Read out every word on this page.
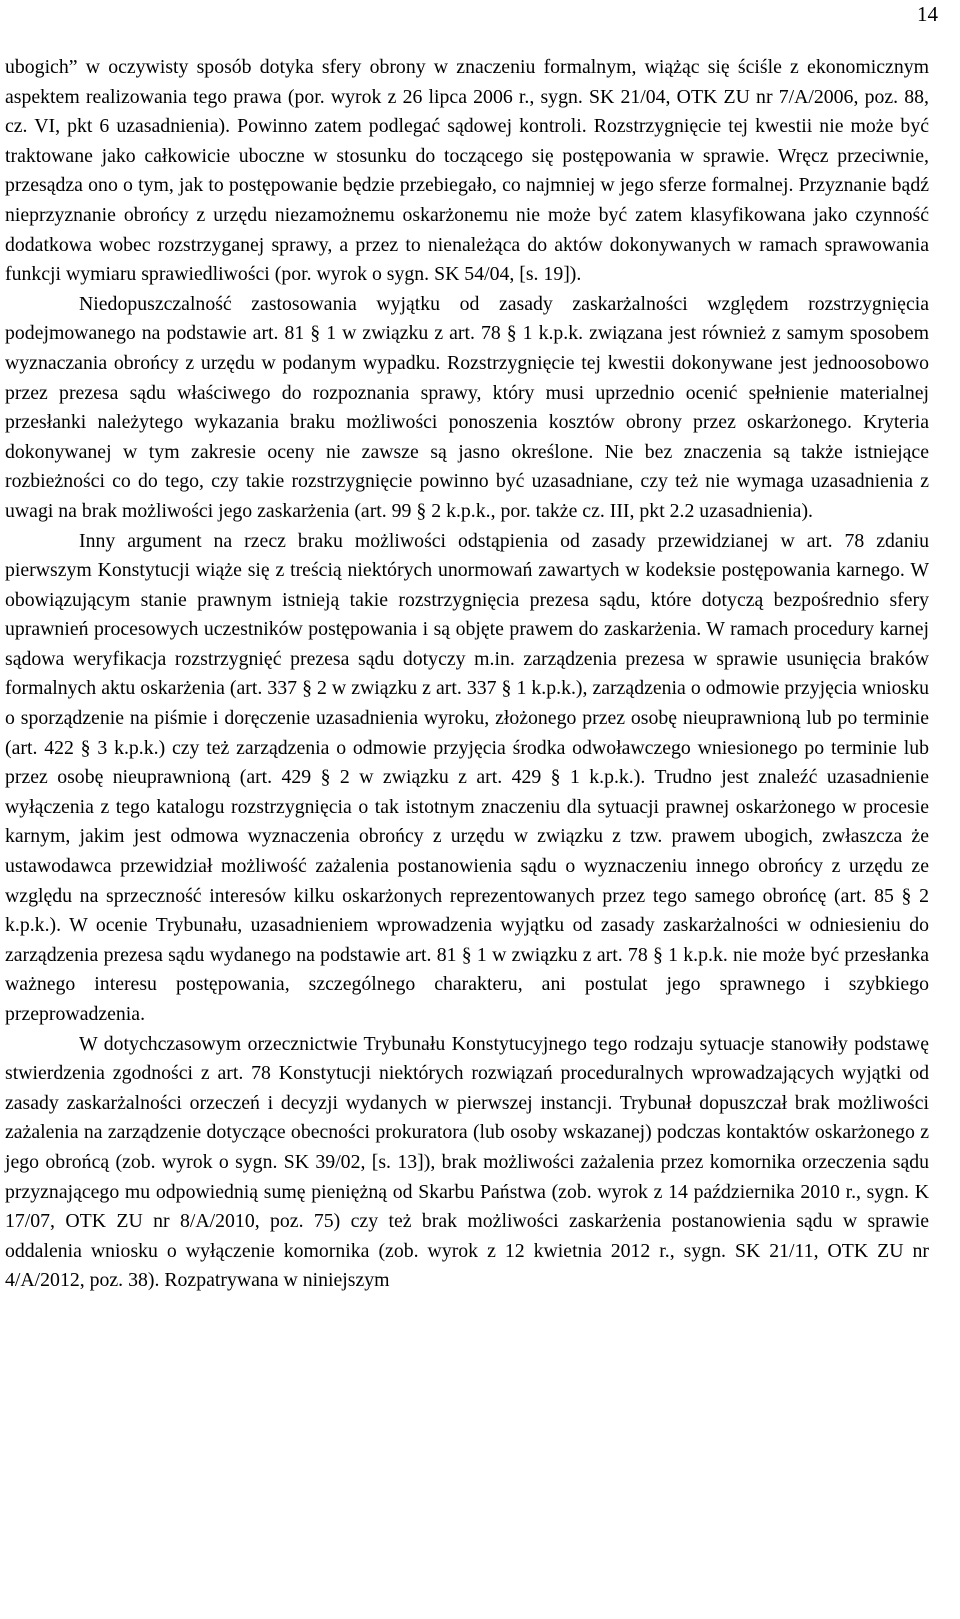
14

ubogich” w oczywisty sposób dotyka sfery obrony w znaczeniu formalnym, wiążąc się ściśle z ekonomicznym aspektem realizowania tego prawa (por. wyrok z 26 lipca 2006 r., sygn. SK 21/04, OTK ZU nr 7/A/2006, poz. 88, cz. VI, pkt 6 uzasadnienia). Powinno zatem podlegać sądowej kontroli. Rozstrzygnięcie tej kwestii nie może być traktowane jako całkowicie uboczne w stosunku do toczącego się postępowania w sprawie. Wręcz przeciwnie, przesądza ono o tym, jak to postępowanie będzie przebiegało, co najmniej w jego sferze formalnej. Przyznanie bądź nieprzyznanie obrońcy z urzędu niezamożnemu oskarżonemu nie może być zatem klasyfikowana jako czynność dodatkowa wobec rozstrzyganej sprawy, a przez to nienależąca do aktów dokonywanych w ramach sprawowania funkcji wymiaru sprawiedliwości (por. wyrok o sygn. SK 54/04, [s. 19]).

Niedopuszczalność zastosowania wyjątku od zasady zaskarżalności względem rozstrzygnięcia podejmowanego na podstawie art. 81 § 1 w związku z art. 78 § 1 k.p.k. związana jest również z samym sposobem wyznaczania obrońcy z urzędu w podanym wypadku. Rozstrzygnięcie tej kwestii dokonywane jest jednoosobowo przez prezesa sądu właściwego do rozpoznania sprawy, który musi uprzednio ocenić spełnienie materialnej przesłanki należytego wykazania braku możliwości ponoszenia kosztów obrony przez oskarżonego. Kryteria dokonywanej w tym zakresie oceny nie zawsze są jasno określone. Nie bez znaczenia są także istniejące rozbieżności co do tego, czy takie rozstrzygnięcie powinno być uzasadniane, czy też nie wymaga uzasadnienia z uwagi na brak możliwości jego zaskarżenia (art. 99 § 2 k.p.k., por. także cz. III, pkt 2.2 uzasadnienia).

Inny argument na rzecz braku możliwości odstąpienia od zasady przewidzianej w art. 78 zdaniu pierwszym Konstytucji wiąże się z treścią niektórych unormowań zawartych w kodeksie postępowania karnego. W obowiązującym stanie prawnym istnieją takie rozstrzygnięcia prezesa sądu, które dotyczą bezpośrednio sfery uprawnień procesowych uczestników postępowania i są objęte prawem do zaskarżenia. W ramach procedury karnej sądowa weryfikacja rozstrzygnięć prezesa sądu dotyczy m.in. zarządzenia prezesa w sprawie usunięcia braków formalnych aktu oskarżenia (art. 337 § 2 w związku z art. 337 § 1 k.p.k.), zarządzenia o odmowie przyjęcia wniosku o sporządzenie na piśmie i doręczenie uzasadnienia wyroku, złożonego przez osobę nieuprawnioną lub po terminie (art. 422 § 3 k.p.k.) czy też zarządzenia o odmowie przyjęcia środka odwoławczego wniesionego po terminie lub przez osobę nieuprawnioną (art. 429 § 2 w związku z art. 429 § 1 k.p.k.). Trudno jest znaleźć uzasadnienie wyłączenia z tego katalogu rozstrzygnięcia o tak istotnym znaczeniu dla sytuacji prawnej oskarżonego w procesie karnym, jakim jest odmowa wyznaczenia obrońcy z urzędu w związku z tzw. prawem ubogich, zwłaszcza że ustawodawca przewidział możliwość zażalenia postanowienia sądu o wyznaczeniu innego obrońcy z urzędu ze względu na sprzeczność interesów kilku oskarżonych reprezentowanych przez tego samego obrońcę (art. 85 § 2 k.p.k.). W ocenie Trybunału, uzasadnieniem wprowadzenia wyjątku od zasady zaskarżalności w odniesieniu do zarządzenia prezesa sądu wydanego na podstawie art. 81 § 1 w związku z art. 78 § 1 k.p.k. nie może być przesłanka ważnego interesu postępowania, szczególnego charakteru, ani postulat jego sprawnego i szybkiego przeprowadzenia.

W dotychczasowym orzecznictwie Trybunału Konstytucyjnego tego rodzaju sytuacje stanowiły podstawę stwierdzenia zgodności z art. 78 Konstytucji niektórych rozwiązań proceduralnych wprowadzających wyjątki od zasady zaskarżalności orzeczeń i decyzji wydanych w pierwszej instancji. Trybunał dopuszczał brak możliwości zażalenia na zarządzenie dotyczące obecności prokuratora (lub osoby wskazanej) podczas kontaktów oskarżonego z jego obrońcą (zob. wyrok o sygn. SK 39/02, [s. 13]), brak możliwości zażalenia przez komornika orzeczenia sądu przyznającego mu odpowiednią sumę pieniężną od Skarbu Państwa (zob. wyrok z 14 października 2010 r., sygn. K 17/07, OTK ZU nr 8/A/2010, poz. 75) czy też brak możliwości zaskarżenia postanowienia sądu w sprawie oddalenia wniosku o wyłączenie komornika (zob. wyrok z 12 kwietnia 2012 r., sygn. SK 21/11, OTK ZU nr 4/A/2012, poz. 38). Rozpatrywana w niniejszym
